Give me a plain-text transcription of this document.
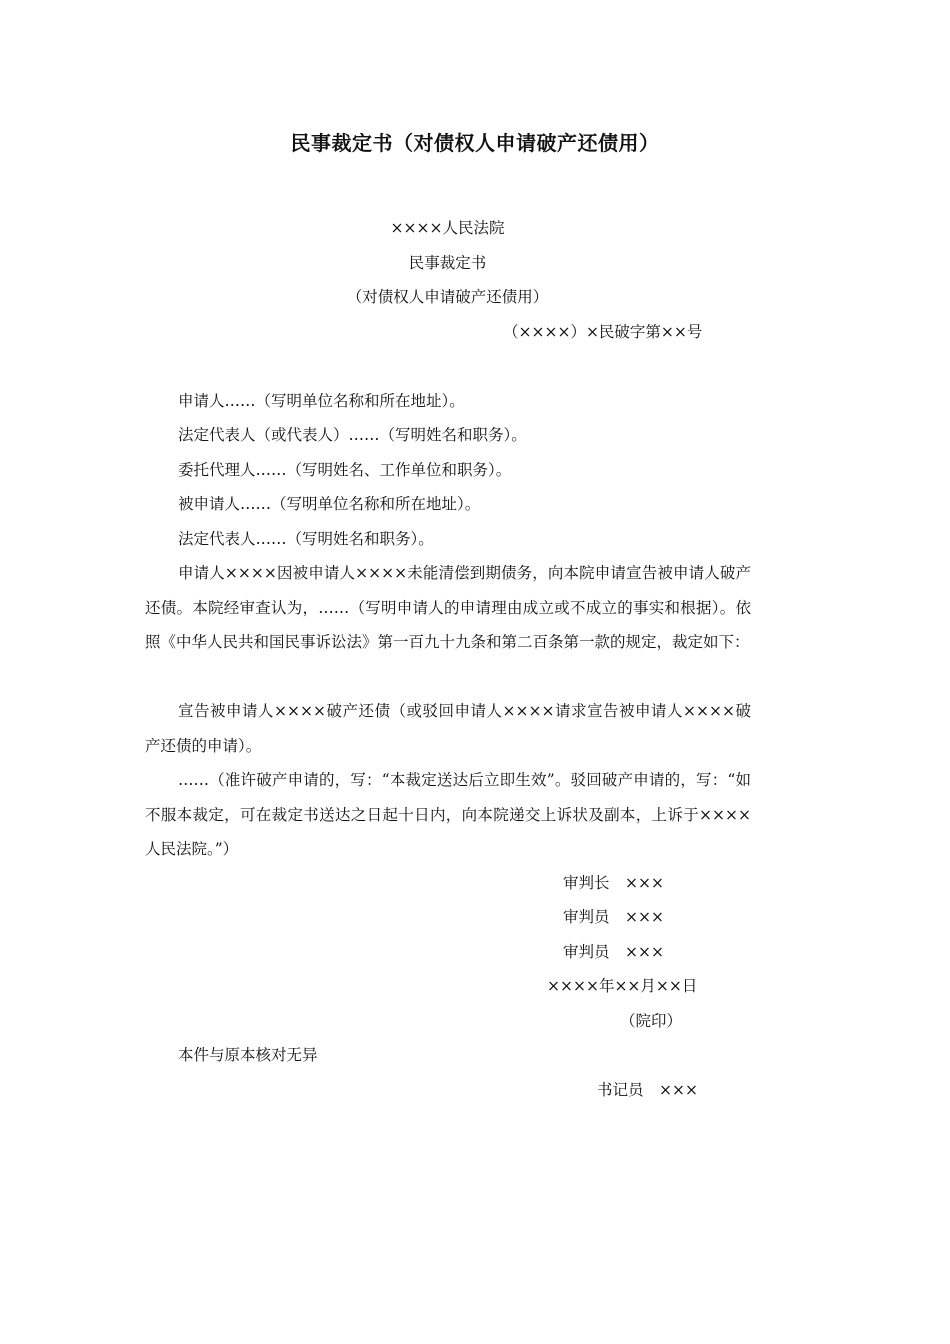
民事裁定书（对债权人申请破产还债用）
××××人民法院
民事裁定书
（对债权人申请破产还债用）
（××××）×民破字第××号
申请人……（写明单位名称和所在地址）。
法定代表人（或代表人）……（写明姓名和职务）。
委托代理人……（写明姓名、工作单位和职务）。
被申请人……（写明单位名称和所在地址）。
法定代表人……（写明姓名和职务）。
申请人××××因被申请人××××未能清偿到期债务，向本院申请宣告被申请人破产还债。本院经审查认为，……（写明申请人的申请理由成立或不成立的事实和根据）。依照《中华人民共和国民事诉讼法》第一百九十九条和第二百条第一款的规定，裁定如下：
宣告被申请人××××破产还债（或驳回申请人××××请求宣告被申请人××××破产还债的申请）。
……（准许破产申请的，写：“本裁定送达后立即生效”。驳回破产申请的，写：“如不服本裁定，可在裁定书送达之日起十日内，向本院递交上诉状及副本，上诉于××××人民法院。”）
审判长　×××
审判员　×××
审判员　×××
××××年××月××日
（院印）
本件与原本核对无异
书记员　×××
